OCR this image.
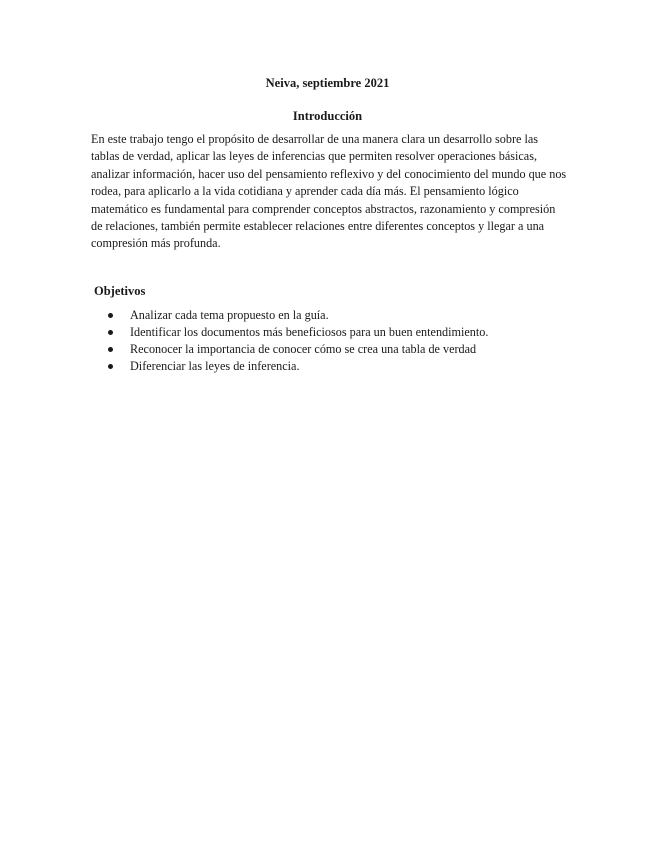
Neiva, septiembre 2021
Introducción

En este trabajo tengo el propósito de desarrollar de una manera clara un desarrollo sobre las tablas de verdad, aplicar las leyes de inferencias que permiten resolver operaciones básicas, analizar información, hacer uso del pensamiento reflexivo y del conocimiento del mundo que nos rodea, para aplicarlo a la vida cotidiana y aprender cada día más. El pensamiento lógico matemático es fundamental para comprender conceptos abstractos, razonamiento y compresión de relaciones, también permite establecer relaciones entre diferentes conceptos y llegar a una compresión más profunda.

Objetivos
Analizar cada tema propuesto en la guía.
Identificar los documentos más beneficiosos para un buen entendimiento.
Reconocer la importancia de conocer cómo se crea una tabla de verdad
Diferenciar las leyes de inferencia.
